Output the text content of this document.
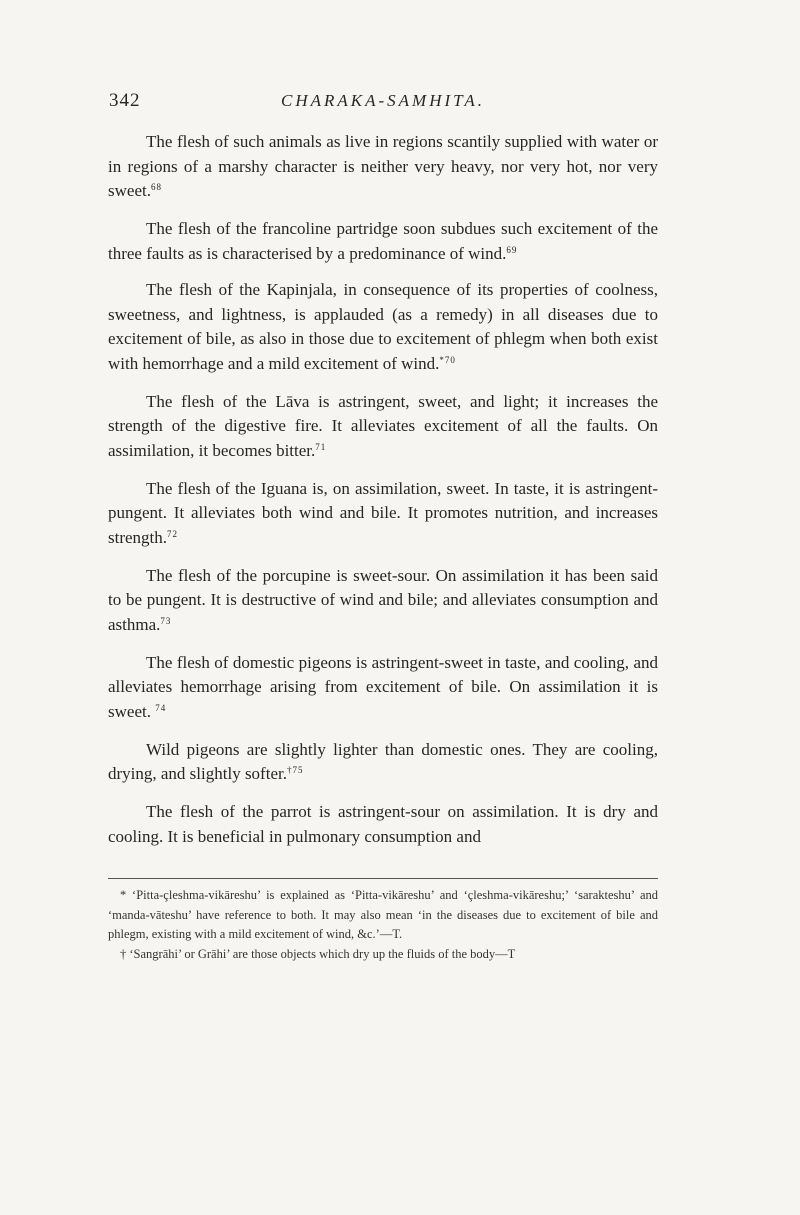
342	CHARAKA-SAMHITA.

The flesh of such animals as live in regions scantily supplied with water or in regions of a marshy character is neither very heavy, nor very hot, nor very sweet.$^{68}$

The flesh of the francoline partridge soon subdues such excitement of the three faults as is characterised by a predominance of wind.$^{69}$

The flesh of the Kapinjala, in consequence of its properties of coolness, sweetness, and lightness, is applauded (as a remedy) in all diseases due to excitement of bile, as also in those due to excitement of phlegm when both exist with hemorrhage and a mild excitement of wind.$^{*70}$

The flesh of the Lāva is astringent, sweet, and light; it increases the strength of the digestive fire. It alleviates excitement of all the faults. On assimilation, it becomes bitter.$^{71}$

The flesh of the Iguana is, on assimilation, sweet. In taste, it is astringent-pungent. It alleviates both wind and bile. It promotes nutrition, and increases strength.$^{72}$

The flesh of the porcupine is sweet-sour. On assimilation it has been said to be pungent. It is destructive of wind and bile; and alleviates consumption and asthma.$^{73}$

The flesh of domestic pigeons is astringent-sweet in taste, and cooling, and alleviates hemorrhage arising from excitement of bile. On assimilation it is sweet. $^{74}$

Wild pigeons are slightly lighter than domestic ones. They are cooling, drying, and slightly softer.$^{\dagger 75}$

The flesh of the parrot is astringent-sour on assimilation. It is dry and cooling. It is beneficial in pulmonary consumption and

* ‘Pitta-çleshma-vikāreshu’ is explained as ‘Pitta-vikāreshu’ and ‘çleshma-vikāreshu;’ ‘sarakteshu’ and ‘manda-vāteshu’ have reference to both. It may also mean ‘in the diseases due to excitement of bile and phlegm, existing with a mild excitement of wind, &c.’—T.

† ‘Sangrāhi’ or Grāhi’ are those objects which dry up the fluids of the body—T
